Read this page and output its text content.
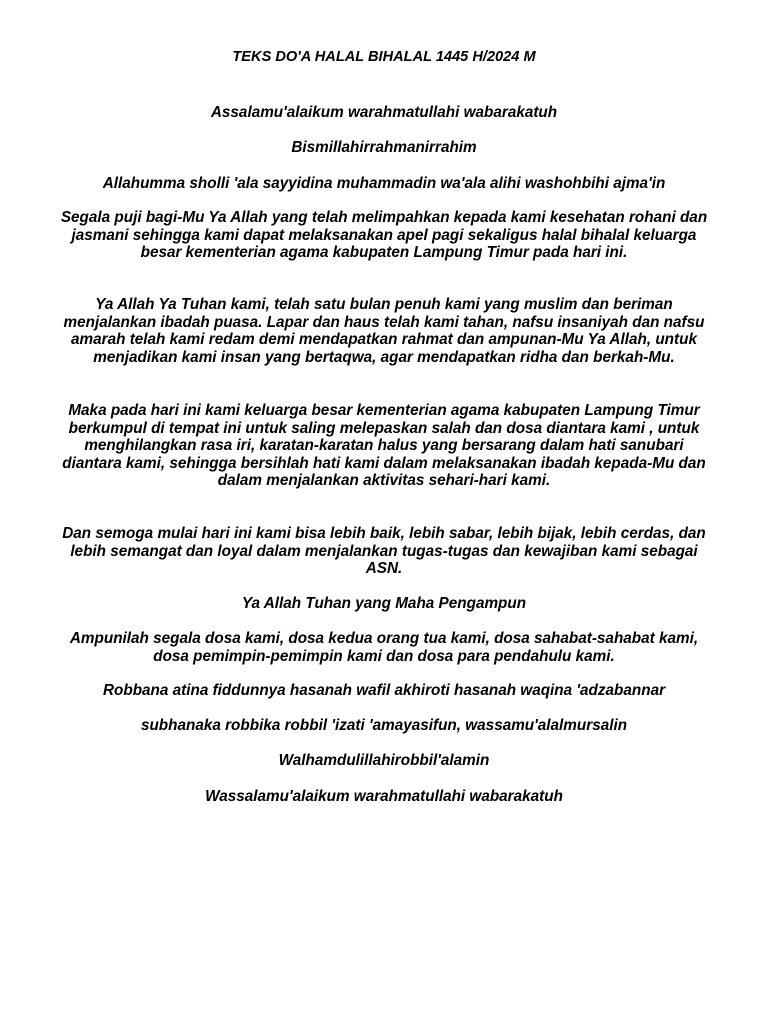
TEKS DO'A HALAL BIHALAL 1445 H/2024 M

Assalamu'alaikum warahmatullahi wabarakatuh

Bismillahirrahmanirrahim

Allahumma sholli 'ala sayyidina muhammadin wa'ala alihi washohbihi ajma'in

Segala puji bagi-Mu Ya Allah yang telah melimpahkan kepada kami kesehatan rohani dan jasmani sehingga kami dapat melaksanakan apel pagi sekaligus halal bihalal keluarga besar kementerian agama kabupaten Lampung Timur pada hari ini.

Ya Allah Ya Tuhan kami, telah satu bulan penuh kami yang muslim dan beriman menjalankan ibadah puasa. Lapar dan haus telah kami tahan, nafsu insaniyah dan nafsu amarah telah kami redam demi mendapatkan rahmat dan ampunan-Mu Ya Allah, untuk menjadikan kami insan yang bertaqwa, agar mendapatkan ridha dan berkah-Mu.

Maka pada hari ini kami keluarga besar kementerian agama kabupaten Lampung Timur berkumpul di tempat ini untuk saling melepaskan salah dan dosa diantara kami , untuk menghilangkan rasa iri, karatan-karatan halus yang bersarang dalam hati sanubari diantara kami, sehingga bersihlah hati kami dalam melaksanakan ibadah kepada-Mu dan dalam menjalankan aktivitas sehari-hari kami.

Dan semoga mulai hari ini kami bisa lebih baik, lebih sabar, lebih bijak, lebih cerdas, dan lebih semangat dan loyal dalam menjalankan tugas-tugas dan kewajiban kami sebagai ASN.

Ya Allah Tuhan yang Maha Pengampun

Ampunilah segala dosa kami, dosa kedua orang tua kami, dosa sahabat-sahabat kami, dosa pemimpin-pemimpin kami dan dosa para pendahulu kami.

Robbana atina fiddunnya hasanah wafil akhiroti hasanah waqina 'adzabannar

subhanaka robbika robbil 'izati 'amayasifun, wassamu'alalmursalin

Walhamdulillahirobbil'alamin

Wassalamu'alaikum warahmatullahi wabarakatuh
